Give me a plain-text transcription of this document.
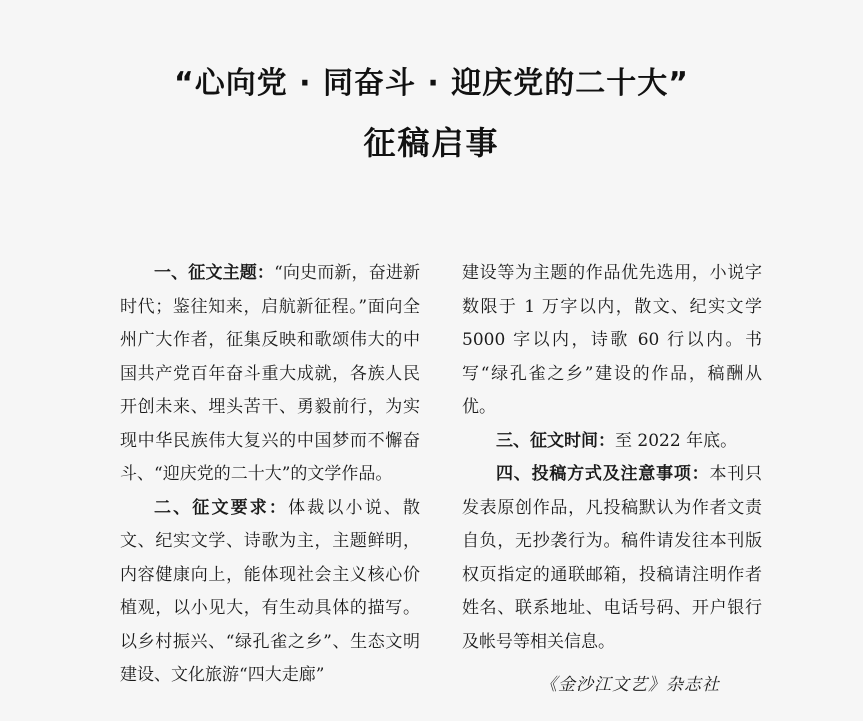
“心向党 · 同奋斗 · 迎庆党的二十大”
征稿启事

一、征文主题：“向史而新，奋进新时代；鉴往知来，启航新征程。”面向全州广大作者，征集反映和歌颂伟大的中国共产党百年奋斗重大成就，各族人民开创未来、埋头苦干、勇毅前行，为实现中华民族伟大复兴的中国梦而不懈奋斗、“迎庆党的二十大”的文学作品。

二、征文要求：体裁以小说、散文、纪实文学、诗歌为主，主题鲜明，内容健康向上，能体现社会主义核心价植观，以小见大，有生动具体的描写。以乡村振兴、“绿孔雀之乡”、生态文明建设、文化旅游“四大走廊”

建设等为主题的作品优先选用，小说字数限于 1 万字以内，散文、纪实文学 5000 字以内，诗歌 60 行以内。书写“绿孔雀之乡”建设的作品，稿酬从优。

三、征文时间：至 2022 年底。

四、投稿方式及注意事项：本刊只发表原创作品，凡投稿默认为作者文责自负，无抄袭行为。稿件请发往本刊版权页指定的通联邮箱，投稿请注明作者姓名、联系地址、电话号码、开户银行及帐号等相关信息。

《金沙江文艺》杂志社
